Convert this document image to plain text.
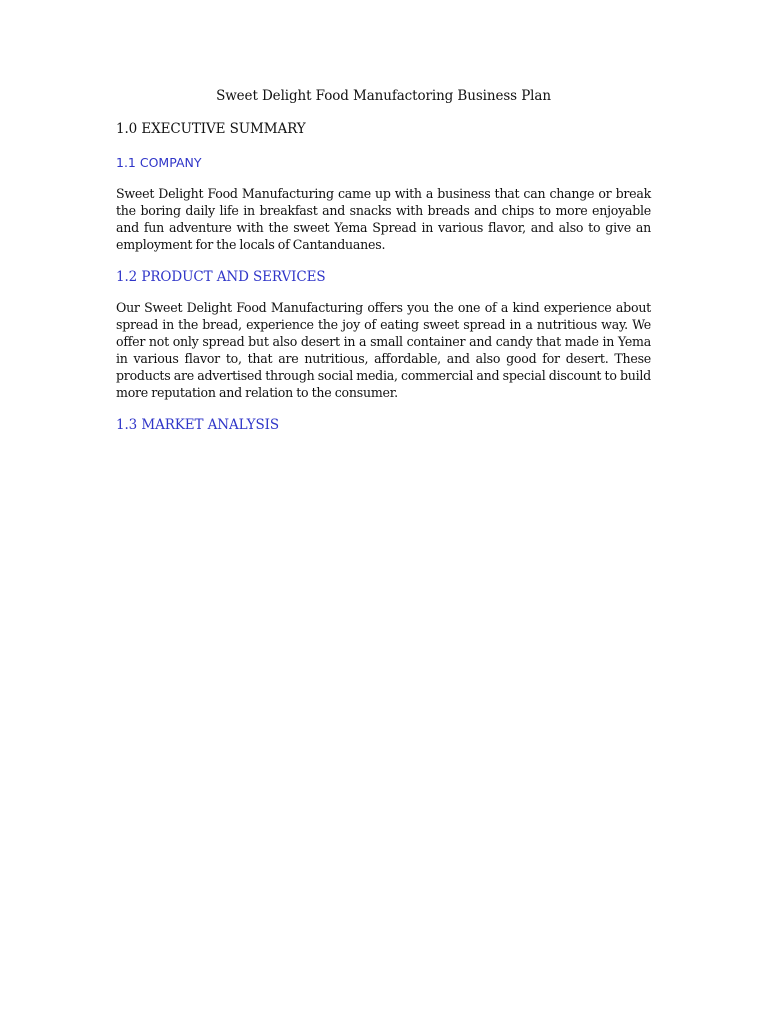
Sweet Delight Food Manufactoring Business Plan
1.0 EXECUTIVE SUMMARY
1.1 COMPANY

Sweet Delight Food Manufacturing came up with a business that can change or break the boring daily life in breakfast and snacks with breads and chips to more enjoyable and fun adventure with the sweet Yema Spread in various flavor, and also to give an employment for the locals of Cantanduanes.

1.2 PRODUCT AND SERVICES

Our Sweet Delight Food Manufacturing offers you the one of a kind experience about spread in the bread, experience the joy of eating sweet spread in a nutritious way. We offer not only spread but also desert in a small container and candy that made in Yema in various flavor to, that are nutritious, affordable, and also good for desert. These products are advertised through social media, commercial and special discount to build more reputation and relation to the consumer.

1.3 MARKET ANALYSIS
